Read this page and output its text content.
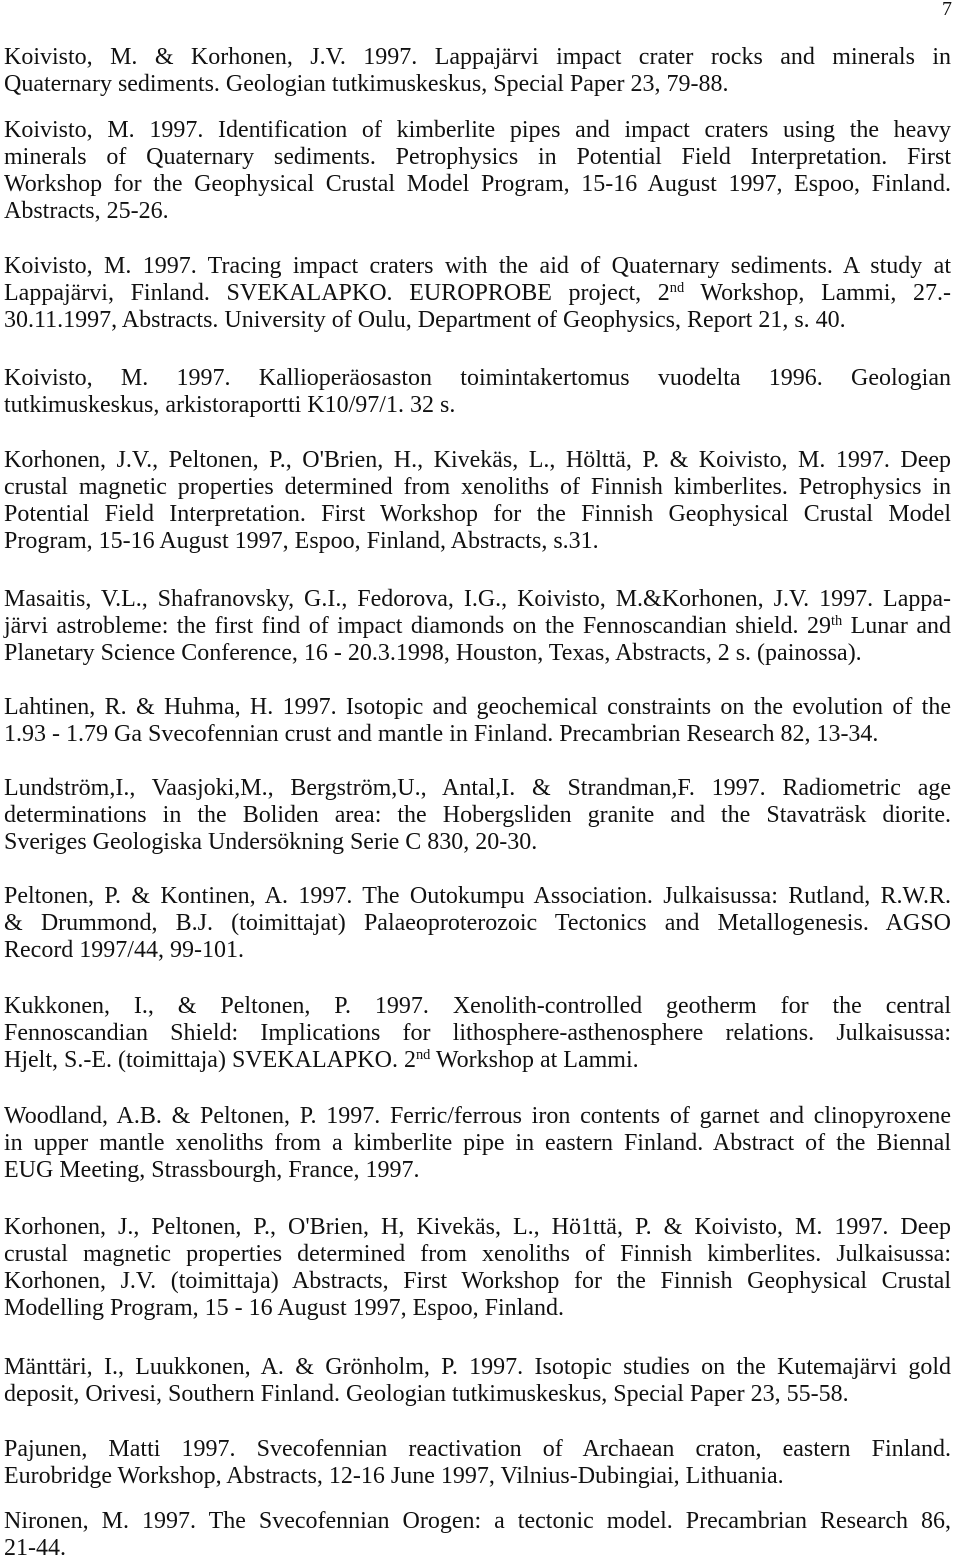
7
Koivisto, M. & Korhonen, J.V. 1997. Lappajärvi impact crater rocks and minerals in
Quaternary sediments. Geologian tutkimuskeskus, Special Paper 23, 79-88.
Koivisto, M. 1997. Identification of kimberlite pipes and impact craters using the heavy
minerals of Quaternary sediments. Petrophysics in Potential Field Interpretation. First
Workshop for the Geophysical Crustal Model Program, 15-16 August 1997, Espoo, Finland.
Abstracts, 25-26.
Koivisto, M. 1997. Tracing impact craters with the aid of Quaternary sediments. A study at
Lappajärvi, Finland. SVEKALAPKO. EUROPROBE project, 2nd Workshop, Lammi, 27.-
30.11.1997, Abstracts. University of Oulu, Department of Geophysics, Report 21, s. 40.
Koivisto, M. 1997. Kallioperäosaston toimintakertomus vuodelta 1996. Geologian
tutkimuskeskus, arkistoraportti K10/97/1. 32 s.
Korhonen, J.V., Peltonen, P., O'Brien, H., Kivekäs, L., Hölttä, P. & Koivisto, M. 1997. Deep
crustal magnetic properties determined from xenoliths of Finnish kimberlites. Petrophysics in
Potential Field Interpretation. First Workshop for the Finnish Geophysical Crustal Model
Program, 15-16 August 1997, Espoo, Finland, Abstracts, s.31.
Masaitis, V.L., Shafranovsky, G.I., Fedorova, I.G., Koivisto, M.&Korhonen, J.V. 1997. Lappa-
järvi astrobleme: the first find of impact diamonds on the Fennoscandian shield. 29th Lunar and
Planetary Science Conference, 16 - 20.3.1998, Houston, Texas, Abstracts, 2 s. (painossa).
Lahtinen, R. & Huhma, H. 1997. Isotopic and geochemical constraints on the evolution of the
1.93 - 1.79 Ga Svecofennian crust and mantle in Finland. Precambrian Research 82, 13-34.
Lundström,I., Vaasjoki,M., Bergström,U., Antal,I. & Strandman,F. 1997. Radiometric age
determinations in the Boliden area: the Hobergsliden granite and the Stavaträsk diorite.
Sveriges Geologiska Undersökning Serie C 830, 20-30.
Peltonen, P. & Kontinen, A. 1997. The Outokumpu Association. Julkaisussa: Rutland, R.W.R.
& Drummond, B.J. (toimittajat) Palaeoproterozoic Tectonics and Metallogenesis. AGSO
Record 1997/44, 99-101.
Kukkonen, I., & Peltonen, P. 1997. Xenolith-controlled geotherm for the central
Fennoscandian Shield: Implications for lithosphere-asthenosphere relations. Julkaisussa:
Hjelt, S.-E. (toimittaja) SVEKALAPKO. 2nd Workshop at Lammi.
Woodland, A.B. & Peltonen, P. 1997. Ferric/ferrous iron contents of garnet and clinopyroxene
in upper mantle xenoliths from a kimberlite pipe in eastern Finland. Abstract of the Biennal
EUG Meeting, Strassbourgh, France, 1997.
Korhonen, J., Peltonen, P., O'Brien, H, Kivekäs, L., Hö1ttä, P. & Koivisto, M. 1997. Deep
crustal magnetic properties determined from xenoliths of Finnish kimberlites. Julkaisussa:
Korhonen, J.V. (toimittaja) Abstracts, First Workshop for the Finnish Geophysical Crustal
Modelling Program, 15 - 16 August 1997, Espoo, Finland.
Mänttäri, I., Luukkonen, A. & Grönholm, P. 1997. Isotopic studies on the Kutemajärvi gold
deposit, Orivesi, Southern Finland. Geologian tutkimuskeskus, Special Paper 23, 55-58.
Pajunen, Matti 1997. Svecofennian reactivation of Archaean craton, eastern Finland.
Eurobridge Workshop, Abstracts, 12-16 June 1997, Vilnius-Dubingiai, Lithuania.
Nironen, M. 1997. The Svecofennian Orogen: a tectonic model. Precambrian Research 86,
21-44.
